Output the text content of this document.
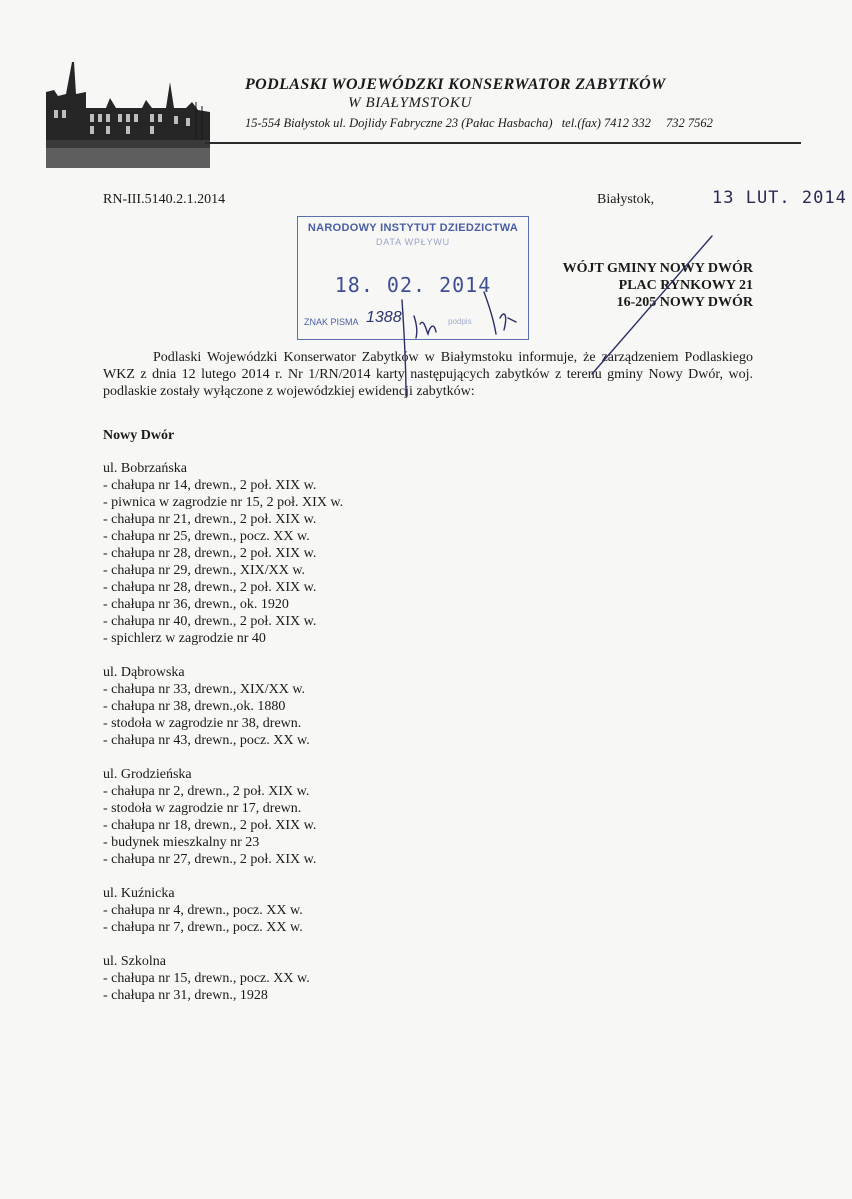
PODLASKI WOJEWÓDZKI KONSERWATOR ZABYTKÓW
W BIAŁYMSTOKU
15-554 Białystok ul. Dojlidy Fabryczne 23 (Pałac Hasbacha) tel.(fax) 7412 332 732 7562
RN-III.5140.2.1.2014	Białystok,	13 LUT. 2014
NARODOWY INSTYTUT DZIEDZICTWA
DATA WPŁYWU
18. 02. 2014
ZNAK PISMA 1388	podpis
WÓJT GMINY NOWY DWÓR
PLAC RYNKOWY 21
16-205 NOWY DWÓR
Podlaski Wojewódzki Konserwator Zabytków w Białymstoku informuje, że zarządzeniem Podlaskiego WKZ z dnia 12 lutego 2014 r. Nr 1/RN/2014 karty następujących zabytków z terenu gminy Nowy Dwór, woj. podlaskie zostały wyłączone z wojewódzkiej ewidencji zabytków:
Nowy Dwór
ul. Bobrzańska
- chałupa nr 14, drewn., 2 poł. XIX w.
- piwnica w zagrodzie nr 15, 2 poł. XIX w.
- chałupa nr 21, drewn., 2 poł. XIX w.
- chałupa nr 25, drewn., pocz. XX w.
- chałupa nr 28, drewn., 2 poł. XIX w.
- chałupa nr 29, drewn., XIX/XX w.
- chałupa nr 28, drewn., 2 poł. XIX w.
- chałupa nr 36, drewn., ok. 1920
- chałupa nr 40, drewn., 2 poł. XIX w.
- spichlerz w zagrodzie nr 40
ul. Dąbrowska
- chałupa nr 33, drewn., XIX/XX w.
- chałupa nr 38, drewn.,ok. 1880
- stodoła w zagrodzie nr 38, drewn.
- chałupa nr 43, drewn., pocz. XX w.
ul. Grodzieńska
- chałupa nr 2, drewn., 2 poł. XIX w.
- stodoła w zagrodzie nr 17, drewn.
- chałupa nr 18, drewn., 2 poł. XIX w.
- budynek mieszkalny nr 23
- chałupa nr 27, drewn., 2 poł. XIX w.
ul. Kuźnicka
- chałupa nr 4, drewn., pocz. XX w.
- chałupa nr 7, drewn., pocz. XX w.
ul. Szkolna
- chałupa nr 15, drewn., pocz. XX w.
- chałupa nr 31, drewn., 1928
